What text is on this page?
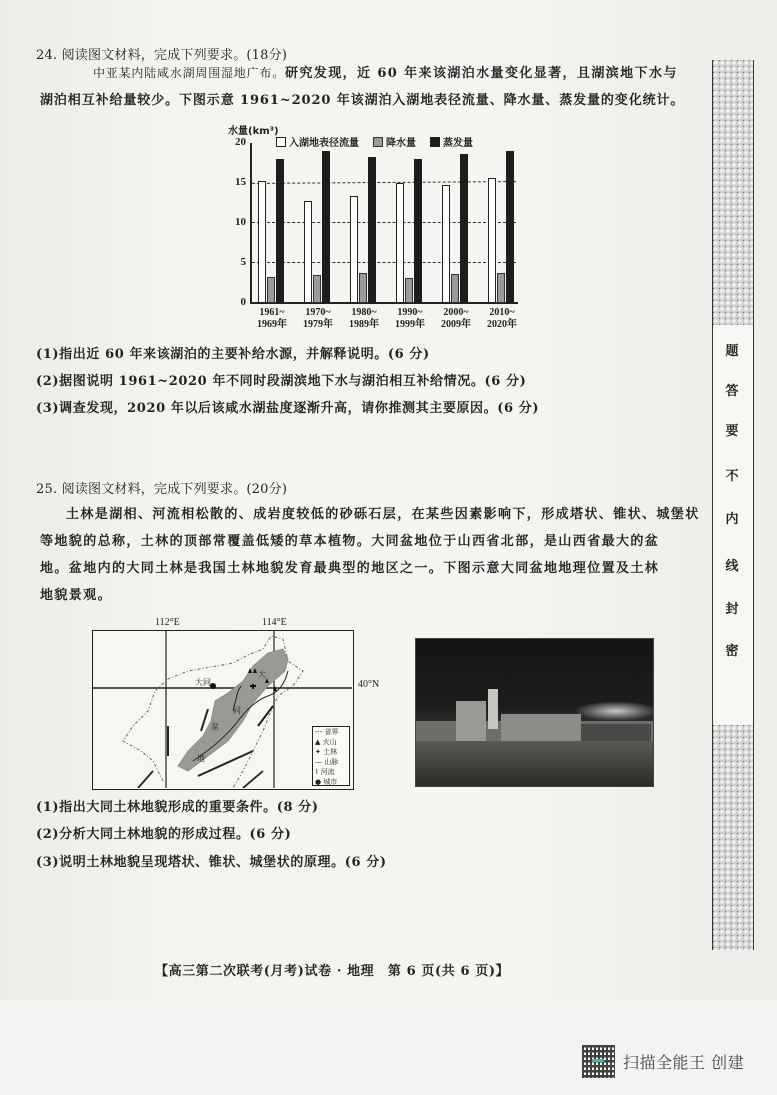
24. 阅读图文材料，完成下列要求。(18分)
中亚某内陆咸水湖周围湿地广布。研究发现，近 60 年来该湖泊水量变化显著，且湖滨地下水与
湖泊相互补给量较少。下图示意 1961~2020 年该湖泊入湖地表径流量、降水量、蒸发量的变化统计。
水量(km³)
入湖地表径流量	降水量	蒸发量
20
15
10
5
0
1961~
1969年
1970~
1979年
1980~
1989年
1990~
1999年
2000~
2009年
2010~
2020年
(1)指出近 60 年来该湖泊的主要补给水源，并解释说明。(6 分)
(2)据图说明 1961~2020 年不同时段湖滨地下水与湖泊相互补给情况。(6 分)
(3)调查发现，2020 年以后该咸水湖盐度逐渐升高，请你推测其主要原因。(6 分)
25. 阅读图文材料，完成下列要求。(20分)
土林是湖相、河流相松散的、成岩度较低的砂砾石层，在某些因素影响下，形成塔状、锥状、城堡状
等地貌的总称，土林的顶部常覆盖低矮的草本植物。大同盆地位于山西省北部，是山西省最大的盆
地。盆地内的大同土林是我国土林地貌发育最典型的地区之一。下图示意大同盆地地理位置及土林
地貌景观。
112°E	114°E
40°N
大同
大
同
盆
地
-·- 省界
▲ 火山
✦ 土林
— 山脉
⌇ 河流
● 城市
(1)指出大同土林地貌形成的重要条件。(8 分)
(2)分析大同土林地貌的形成过程。(6 分)
(3)说明土林地貌呈现塔状、锥状、城堡状的原理。(6 分)
题
答
要
不
内
线
封
密
【高三第二次联考(月考)试卷 · 地理　第 6 页(共 6 页)】
扫描全能王 创建
